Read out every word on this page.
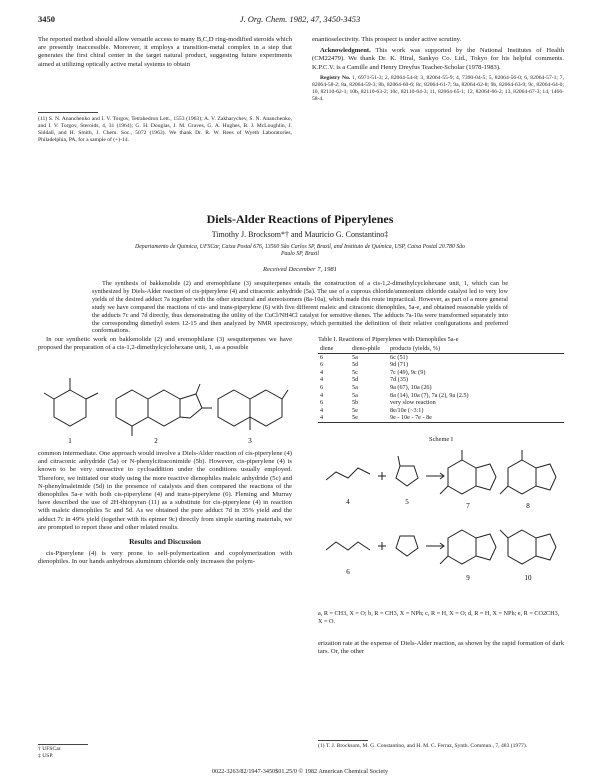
3450	J. Org. Chem. 1982, 47, 3450-3453

The reported method should allow versatile access to many B,C,D ring-modified steroids which are presently inaccessible. Moreover, it employs a transition-metal complex in a step that generates the first chiral center in the target natural product, suggesting future experiments aimed at utilizing optically active metal systems to obtain

(11) S. N. Ananchenko and I. V. Torgov, Tetrahedron Lett., 1553 (1963); A. V. Zakharychev, S. N. Ananchenko, and I. V. Torgov, Steroids, 4, 31 (1964); G. H. Douglas, J. M. Graves, G. A. Hughes, B. J. McLoughlin, J. Siddall, and H. Smith, J. Chem. Soc., 5072 (1963). We thank Dr. R. W. Rees of Wyeth Laboratories, Philadelphia, PA, for a sample of (+)-14.

enantioselectivity. This prospect is under active scrutiny.

Acknowledgment. This work was supported by the National Institutes of Health (CM22479). We thank Dr. K. Hiral, Sankyo Co. Ltd., Tokyo for his helpful comments. K.P.C.V. is a Camille and Henry Dreyfus Teacher-Scholar (1978-1983).

Registry No. 1, 6971-51-3; 2, 82064-54-8; 3, 82064-55-9; 4, 7390-04-5; 5, 82064-56-0; 6, 82064-57-1; 7, 82064-58-2; 8a, 82064-59-3; 8b, 82064-60-6; 8c, 82064-61-7; 9a, 82064-62-8; 9b, 82064-63-9; 9c, 82064-64-0; 10, 82110-62-1; 10b, 82110-63-2; 10c, 82110-64-3; 11, 82064-65-1; 12, 82064-66-2; 13, 82064-67-3; 14, 1466-58-4.

Diels-Alder Reactions of Piperylenes
Timothy J. Brocksom*† and Mauricio G. Constantino‡
Departamento de Quimica, UFSCar, Caixa Postal 676, 13560 São Carlos SP, Brazil, and Instituto de Química, USP, Caixa Postal 20.780 São Paulo SP, Brazil
Received December 7, 1981
The synthesis of bakkenolide (2) and eremophilane (3) sesquiterpenes entails the construction of a cis-1,2-dimethylcyclohexane unit, 1, which can be synthesized by Diels-Alder reaction of cis-piperylene (4) and citraconic anhydride (5a). The use of a cuprous chloride/ammonium chloride catalyst led to very low yields of the desired adduct 7a together with the other structural and stereoisomers (8a-10a), which made this route impractical. However, as part of a more general study we have compared the reactions of cis- and trans-piperylene (6) with five different maleic and citraconic dienophiles, 5a-e, and obtained reasonable yields of the adducts 7c and 7d directly, thus demonstrating the utility of the CuCl/NH4Cl catalyst for sensitive dienes. The adducts 7a-10a were transformed separately into the corresponding dimethyl esters 12-15 and then analyzed by NMR spectroscopy, which permitted the definition of their relative configurations and preferred conformations.

In our synthetic work on bakkenolide (2) and eremophilane (3) sesquiterpenes we have proposed the preparation of a cis-1,2-dimethylcyclohexane unit, 1, as a possible

1	2	3

common intermediate. One approach would involve a Diels-Alder reaction of cis-piperylene (4) and citraconic anhydride (5a) or N-phenylcitraconimide (5b). However, cis-piperylene (4) is known to be very unreactive to cycloaddition under the conditions usually employed. Therefore, we initiated our study using the more reactive dienophiles maleic anhydride (5c) and N-phenylmaleimide (5d) in the presence of catalysts and then compared the reactions of the dienophiles 5a-e with both cis-piperylene (4) and trans-piperylene (6). Fleming and Murray have described the use of 2H-thiopyran (11) as a substitute for cis-piperylene (4) in reaction with maleic dienophiles 5c and 5d. As we obtained the pure adduct 7d in 35% yield and the adduct 7c in 49% yield (together with its epimer 9c) directly from simple starting materials, we are prompted to report these and other related results.

Results and Discussion

cis-Piperylene (4) is very prone to self-polymerization and copolymerization with dienophiles. In our hands anhydrous aluminum chloride only increases the polym-

† UFSCar.
‡ USP.
Table I. Reactions of Piperylenes with Dienophiles 5a-e
diene	dieno-phile	products (yields, %)
6	5a	6c (51)
6	5d	9d (71)
4	5c	7c (49), 9c (9)
4	5d	7d (35)
6	5a	9a (67), 10a (26)
4	5a	8a (14), 10a (7), 7a (2), 9a (2.5)
6	5b	very slow reaction
4	5e	8e/10e (~3:1)
4	5e	9e - 10e - 7e - 8e
Scheme I
4	5
6
7	8
9	10
a, R = CH3, X = O; b, R = CH3, X = NPh; c, R = H, X = O; d, R = H, X = NPh; e, R = CO2CH3, X = O.

erization rate at the expense of Diels-Alder reaction, as shown by the rapid formation of dark tars. Or, the other

(1) T. J. Brocksom, M. G. Constantino, and H. M. C. Ferraz, Synth. Commun., 7, 483 (1977).
0022-3263/82/1947-3450$01.25/0 © 1982 American Chemical Society
